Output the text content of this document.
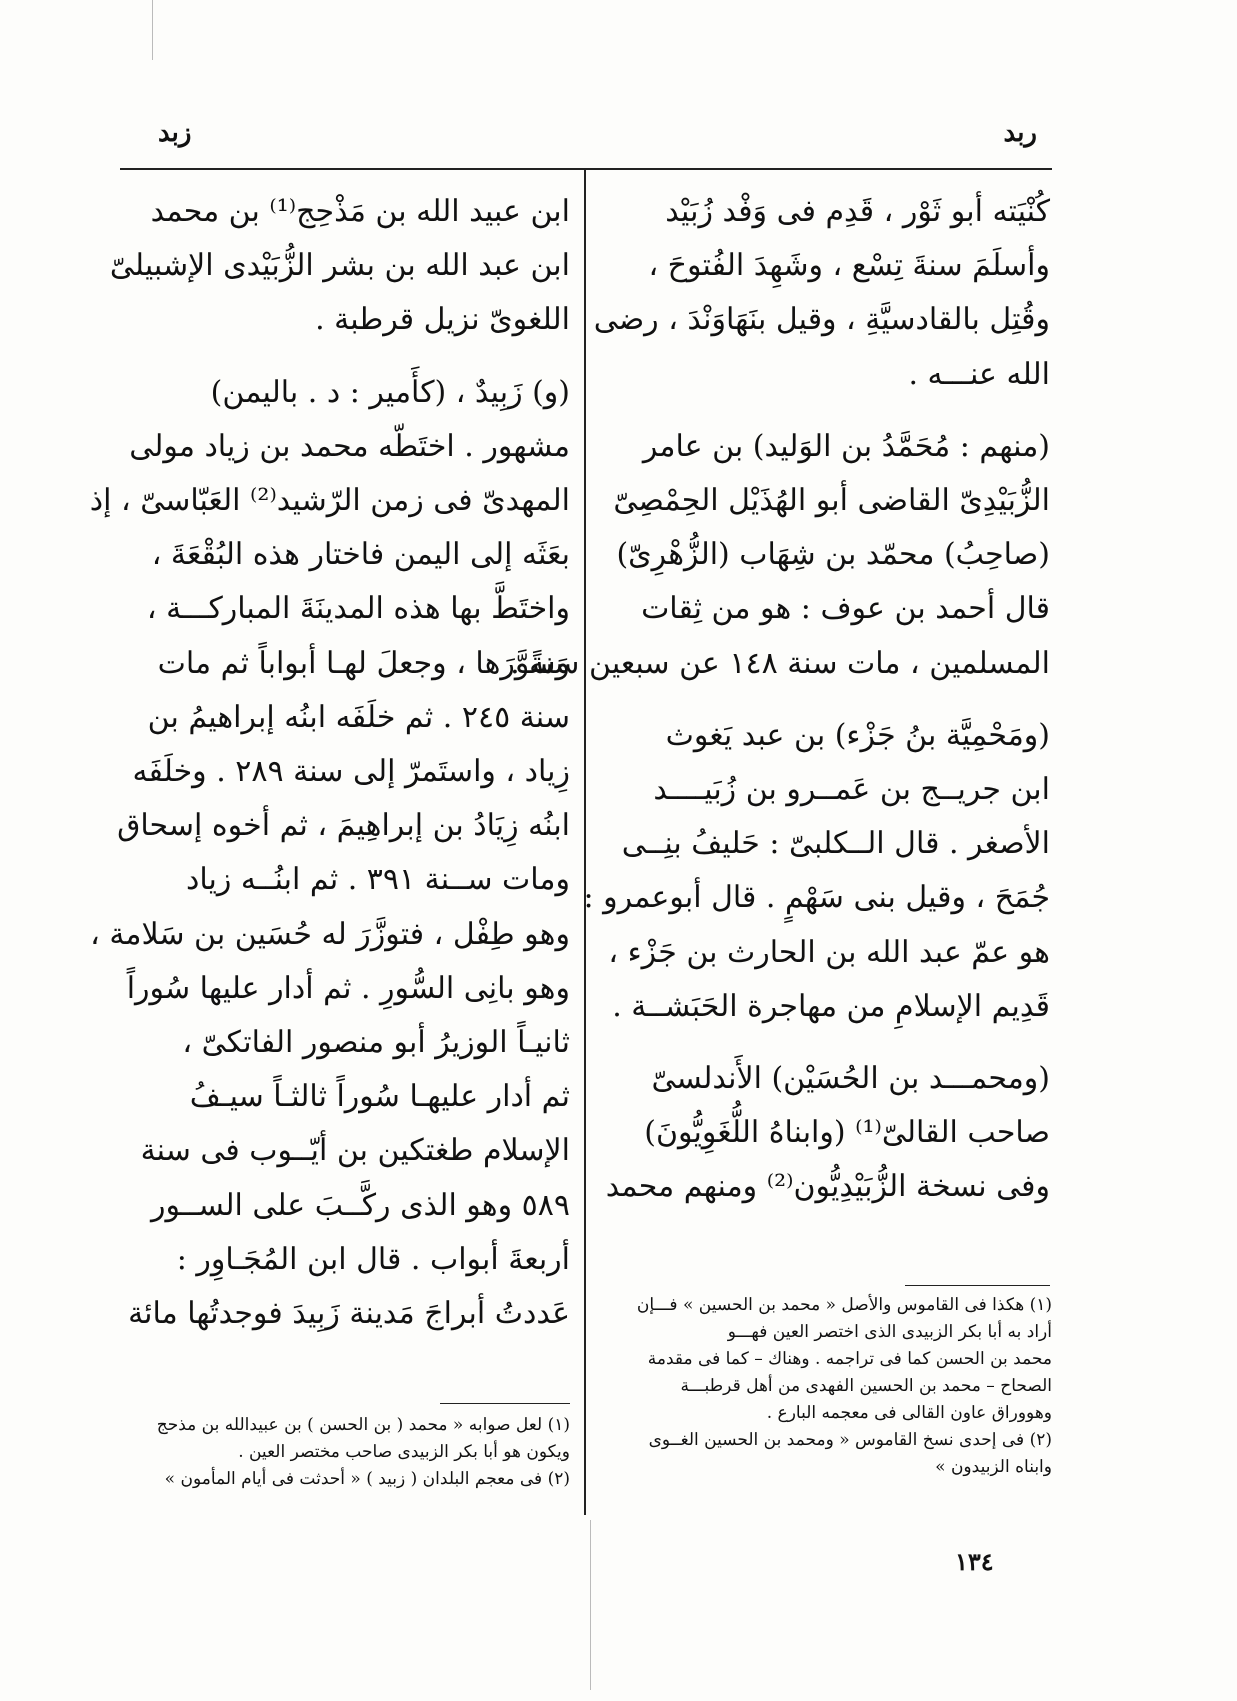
ربد
زبد
كُنْيَته أبو ثَوْر ، قَدِم فى وَفْد زُبَيْد
وأسلَمَ سنةَ تِسْع ، وشَهِدَ الفُتوحَ ،
وقُتِل بالقادسيَّةِ ، وقيل بنَهَاوَنْدَ ، رضى
الله عنـــه .
(منهم : مُحَمَّدُ بن الوَليد) بن عامر
الزُّبَيْدِىّ القاضى أبو الهُذَيْل الحِمْصِىّ
(صاحِبُ) محمّد بن شِهَاب (الزُّهْرِىّ)
قال أحمد بن عوف : هو من ثِقات
المسلمين ، مات سنة ١٤٨ عن سبعين سنةً .
(ومَحْمِيَّة بنُ جَزْء) بن عبد يَغوث
ابن جريــج بن عَمــرو بن زُبَيــــد
الأصغر . قال الــكلبىّ : حَليفُ بنِــى
جُمَحَ ، وقيل بنى سَهْمٍ . قال أبوعمرو :
هو عمّ عبد الله بن الحارث بن جَزْء ،
قَدِيم الإسلامِ من مهاجرة الحَبَشــة .
(ومحمـــد بن الحُسَيْن) الأَندلسىّ
صاحب القالىّ⁽¹⁾ (وابناهُ اللُّغَوِيُّونَ)
وفى نسخة الزُّبَيْدِيُّون⁽²⁾ ومنهم محمد
ابن عبيد الله بن مَذْحِج⁽¹⁾ بن محمد
ابن عبد الله بن بشر الزُّبَيْدى الإشبيلىّ
اللغوىّ نزيل قرطبة .
(و) زَبِيدٌ ، (كأَمير : د . باليمن)
مشهور . اختَطّه محمد بن زياد مولى
المهدىّ فى زمن الرّشيد⁽²⁾ العَبّاسىّ ، إذ
بعَثَه إلى اليمن فاختار هذه البُقْعَةَ ،
واختَطَّ بها هذه المدينَةَ المباركـــة ،
وَسوَّرَها ، وجعلَ لهـا أبواباً ثم مات
سنة ٢٤٥ . ثم خلَفَه ابنُه إبراهيمُ بن
زِياد ، واستَمرّ إلى سنة ٢٨٩ . وخلَفَه
ابنُه زِيَادُ بن إبراهِيمَ ، ثم أخوه إسحاق
ومات ســنة ٣٩١ . ثم ابنُــه زياد
وهو طِفْل ، فتوزَّرَ له حُسَين بن سَلامة ،
وهو بانِى السُّورِ . ثم أدار عليها سُوراً
ثانيـاً الوزيرُ أبو منصور الفاتكىّ ،
ثم أدار عليهـا سُوراً ثالثـاً سيـفُ
الإسلام طغتكين بن أيّــوب فى سنة
٥٨٩ وهو الذى ركَّــبَ على الســور
أربعةَ أبواب . قال ابن المُجَـاوِر :
عَددتُ أبراجَ مَدينة زَبِيدَ فوجدتُها مائة	(١) هكذا فى القاموس والأصل « محمد بن الحسين » فـــإن
أراد به أبا بكر الزبيدى الذى اختصر العين فهـــو
محمد بن الحسن كما فى تراجمه . وهناك – كما فى مقدمة
الصحاح – محمد بن الحسين الفهدى من أهل قرطبـــة
وهووراق عاون القالى فى معجمه البارع .
(٢) فى إحدى نسخ القاموس « ومحمد بن الحسين الغــوى
وابناه الزبيدون »
(١) لعل صوابه « محمد ( بن الحسن ) بن عبيدالله بن مذحج
ويكون هو أبا بكر الزبيدى صاحب مختصر العين .
(٢) فى معجم البلدان ( زبيد ) « أحدثت فى أيام المأمون »
١٣٤
